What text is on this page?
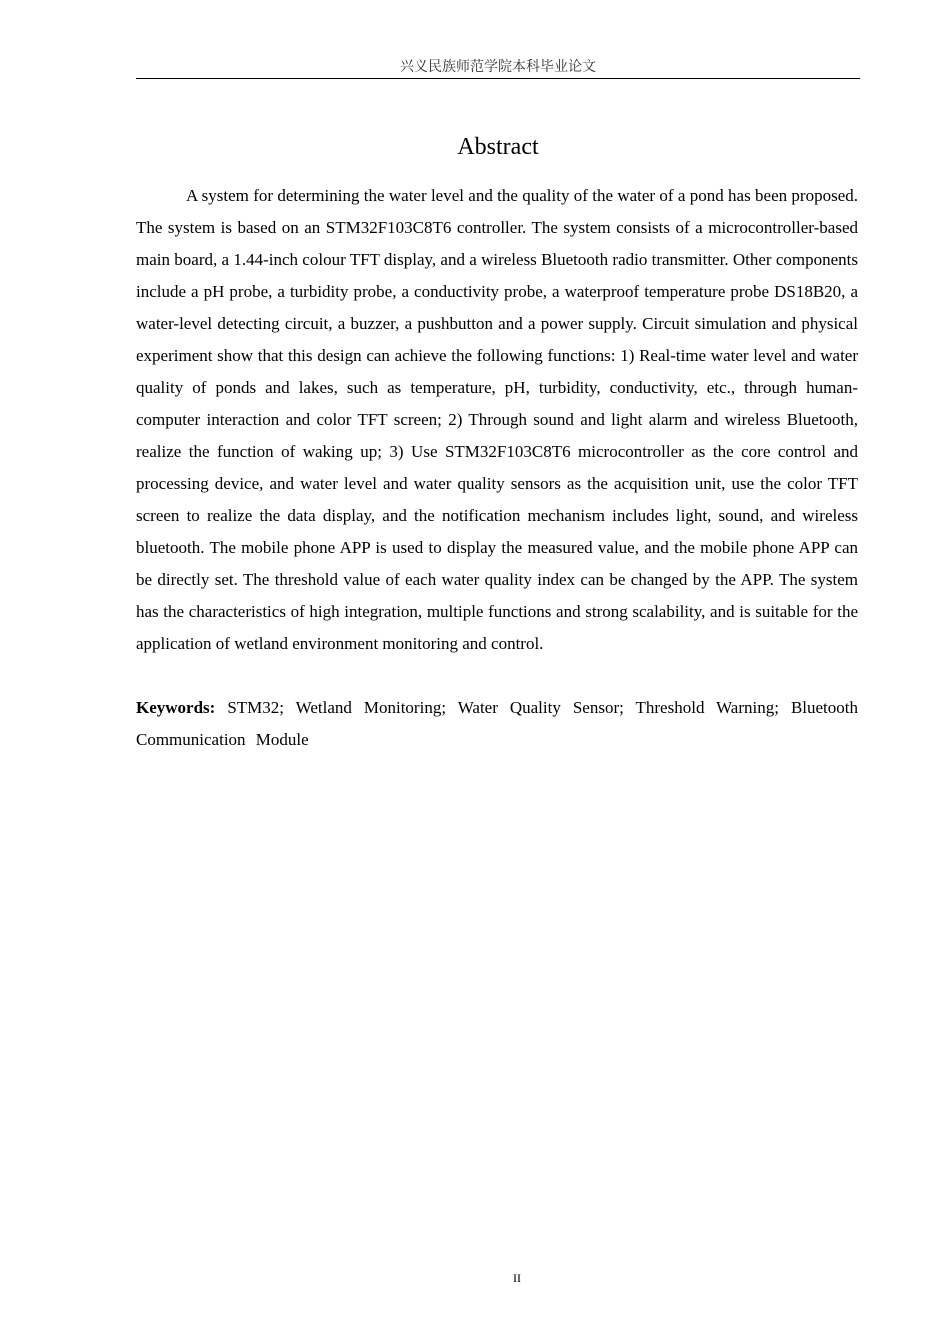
兴义民族师范学院本科毕业论文
Abstract

A system for determining the water level and the quality of the water of a pond has been proposed. The system is based on an STM32F103C8T6 controller. The system consists of a microcontroller-based main board, a 1.44-inch colour TFT display, and a wireless Bluetooth radio transmitter. Other components include a pH probe, a turbidity probe, a conductivity probe, a waterproof temperature probe DS18B20, a water-level detecting circuit, a buzzer, a pushbutton and a power supply. Circuit simulation and physical experiment show that this design can achieve the following functions: 1) Real-time water level and water quality of ponds and lakes, such as temperature, pH, turbidity, conductivity, etc., through human-computer interaction and color TFT screen; 2) Through sound and light alarm and wireless Bluetooth, realize the function of waking up; 3) Use STM32F103C8T6 microcontroller as the core control and processing device, and water level and water quality sensors as the acquisition unit, use the color TFT screen to realize the data display, and the notification mechanism includes light, sound, and wireless bluetooth. The mobile phone APP is used to display the measured value, and the mobile phone APP can be directly set. The threshold value of each water quality index can be changed by the APP. The system has the characteristics of high integration, multiple functions and strong scalability, and is suitable for the application of wetland environment monitoring and control.

Keywords: STM32; Wetland Monitoring; Water Quality Sensor; Threshold Warning; Bluetooth Communication Module

II
